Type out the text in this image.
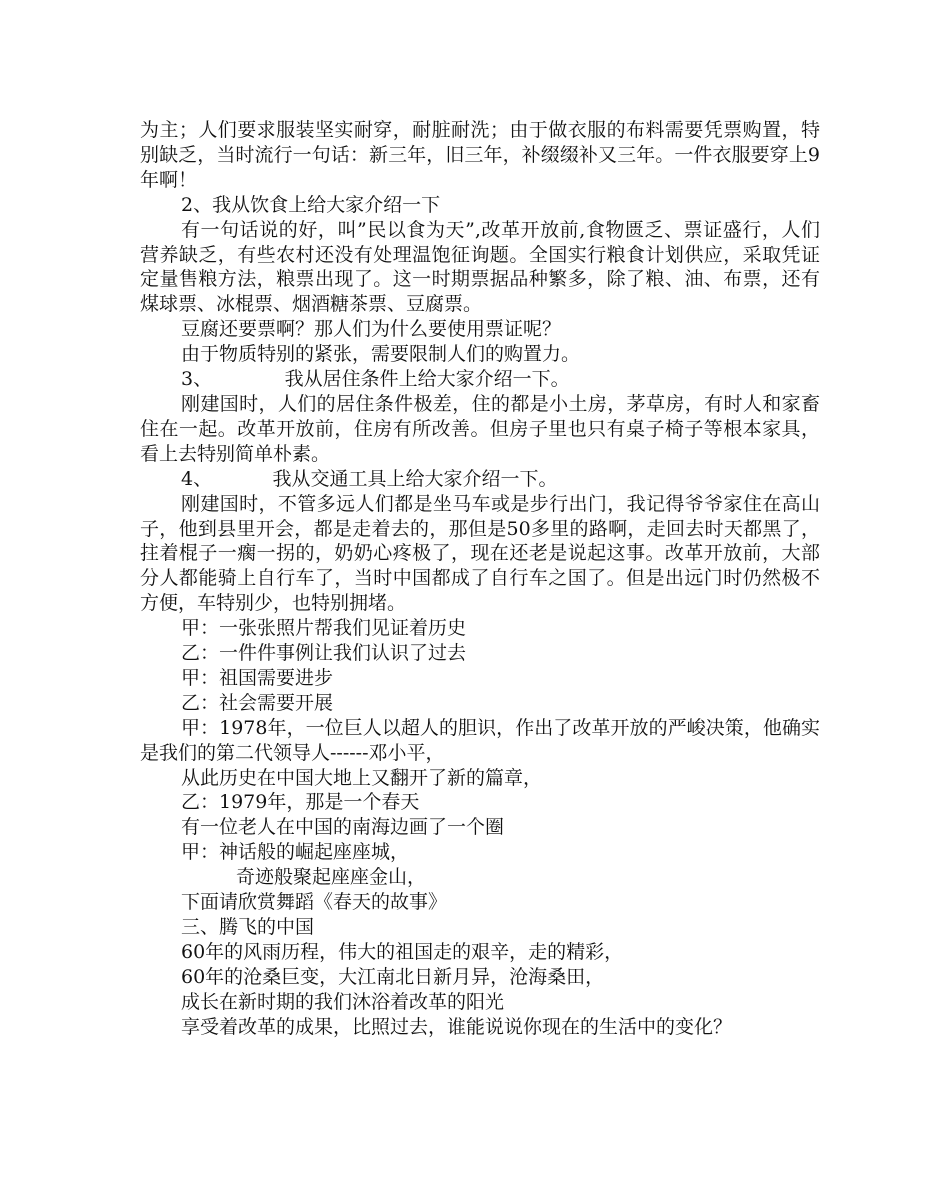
为主；人们要求服装坚实耐穿，耐脏耐洗；由于做衣服的布料需要凭票购置，特别缺乏，当时流行一句话：新三年，旧三年，补缀缀补又三年。一件衣服要穿上9年啊！

2、我从饮食上给大家介绍一下

有一句话说的好，叫”民以食为天”,改革开放前,食物匮乏、票证盛行，人们营养缺乏，有些农村还没有处理温饱征询题。全国实行粮食计划供应，采取凭证定量售粮方法，粮票出现了。这一时期票据品种繁多，除了粮、油、布票，还有煤球票、冰棍票、烟酒糖茶票、豆腐票。

豆腐还要票啊？那人们为什么要使用票证呢？

由于物质特别的紧张，需要限制人们的购置力。

3、            我从居住条件上给大家介绍一下。

刚建国时，人们的居住条件极差，住的都是小土房，茅草房，有时人和家畜住在一起。改革开放前，住房有所改善。但房子里也只有桌子椅子等根本家具，看上去特别简单朴素。

4、          我从交通工具上给大家介绍一下。

刚建国时，不管多远人们都是坐马车或是步行出门，我记得爷爷家住在高山子，他到县里开会，都是走着去的，那但是50多里的路啊，走回去时天都黑了，拄着棍子一瘸一拐的，奶奶心疼极了，现在还老是说起这事。改革开放前，大部分人都能骑上自行车了，当时中国都成了自行车之国了。但是出远门时仍然极不方便，车特别少，也特别拥堵。

甲：一张张照片帮我们见证着历史

乙：一件件事例让我们认识了过去

甲：祖国需要进步

乙：社会需要开展

甲：1978年，一位巨人以超人的胆识，作出了改革开放的严峻决策，他确实是我们的第二代领导人------邓小平，

从此历史在中国大地上又翻开了新的篇章，

乙：1979年，那是一个春天

有一位老人在中国的南海边画了一个圈

甲：神话般的崛起座座城，

奇迹般聚起座座金山，

下面请欣赏舞蹈《春天的故事》

三、腾飞的中国

60年的风雨历程，伟大的祖国走的艰辛，走的精彩，

60年的沧桑巨变，大江南北日新月异，沧海桑田，

成长在新时期的我们沐浴着改革的阳光

享受着改革的成果，比照过去，谁能说说你现在的生活中的变化？
